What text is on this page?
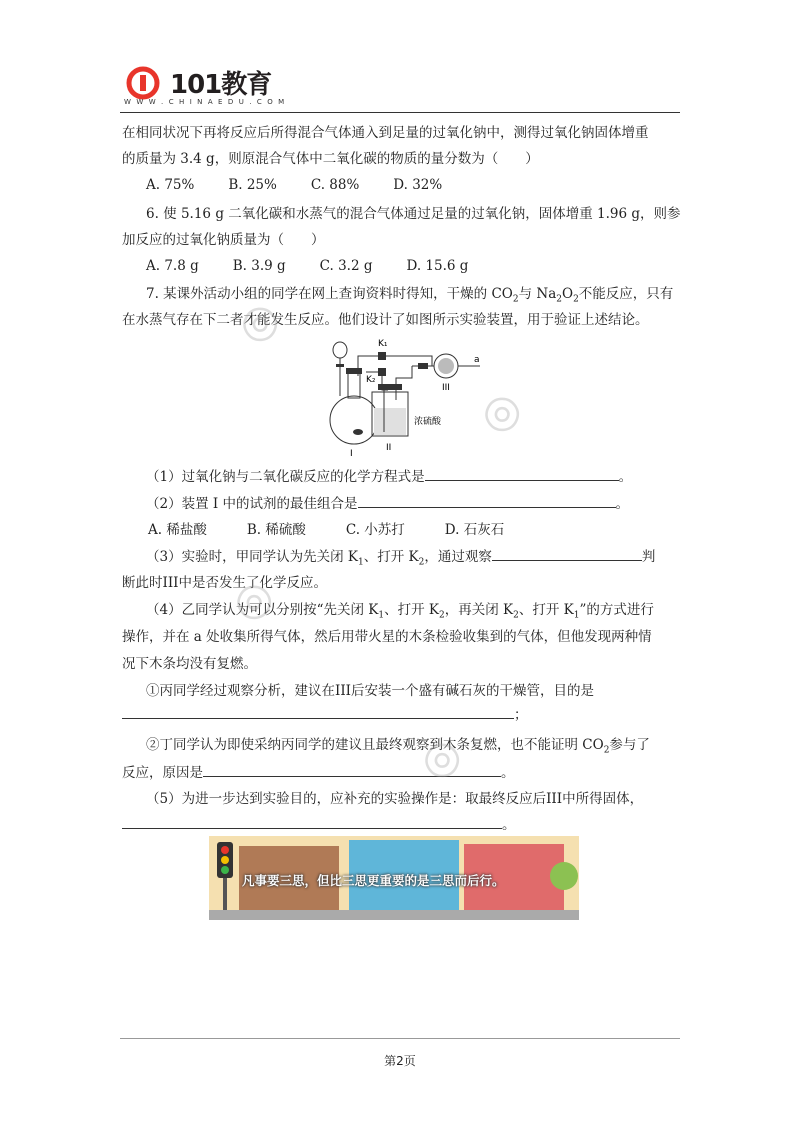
101教育
W W W . C H I N A E D U . C O M
在相同状况下再将反应后所得混合气体通入到足量的过氧化钠中，测得过氧化钠固体增重
的质量为 3.4 g，则原混合气体中二氧化碳的物质的量分数为（　　）
A. 75%	B. 25%	C. 88%	D. 32%
6. 使 5.16 g 二氧化碳和水蒸气的混合气体通过足量的过氧化钠，固体增重 1.96 g，则参
加反应的过氧化钠质量为（　　）
A. 7.8 g	B. 3.9 g	C. 3.2 g	D. 15.6 g
7. 某课外活动小组的同学在网上查询资料时得知，干燥的 $CO_2$与 $Na_2O_2$不能反应，只有
在水蒸气存在下二者才能发生反应。他们设计了如图所示实验装置，用于验证上述结论。
K₁
K₂
浓硫酸
a
I
II
III
（1）过氧化钠与二氧化碳反应的化学方程式是	。
（2）装置 I 中的试剂的最佳组合是	。
A. 稀盐酸	B. 稀硫酸	C. 小苏打	D. 石灰石
（3）实验时，甲同学认为先关闭 $K_1$、打开 $K_2$，通过观察	判
断此时III中是否发生了化学反应。
（4）乙同学认为可以分别按“先关闭 $K_1$、打开 $K_2$，再关闭 $K_2$、打开 $K_1$”的方式进行
操作，并在 a 处收集所得气体，然后用带火星的木条检验收集到的气体，但他发现两种情
况下木条均没有复燃。
①丙同学经过观察分析，建议在III后安装一个盛有碱石灰的干燥管，目的是
；
②丁同学认为即使采纳丙同学的建议且最终观察到木条复燃，也不能证明 $CO_2$参与了
反应，原因是	。
（5）为进一步达到实验目的，应补充的实验操作是：取最终反应后III中所得固体，
。
凡事要三思，但比三思更重要的是三思而后行。
◎
◎
◎
◎
第2页
